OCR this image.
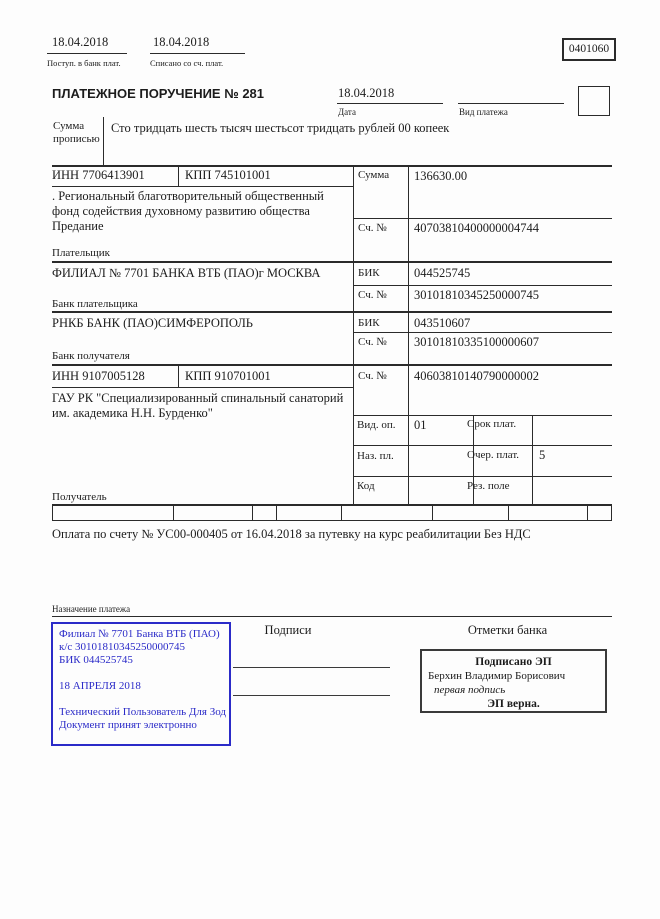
18.04.2018
Поступ. в банк плат.
18.04.2018
Списано со сч. плат.
0401060
ПЛАТЕЖНОЕ ПОРУЧЕНИЕ № 281	18.04.2018
Дата	Вид платежа
Сумма прописью
Сто тридцать шесть тысяч шестьсот тридцать рублей 00 копеек
ИНН 7706413901	КПП 745101001
. Региональный благотворительный общественный фонд содействия духовному развитию общества Предание
Плательщик
Сумма 136630.00
Сч. № 40703810400000004744
ФИЛИАЛ № 7701 БАНКА ВТБ (ПАО)г МОСКВА
Банк плательщика
БИК	044525745
Сч. № 30101810345250000745
РНКБ БАНК (ПАО)СИМФЕРОПОЛЬ
Банк получателя
БИК	043510607
Сч. № 30101810335100000607
ИНН 9107005128	КПП 910701001
ГАУ РК "Специализированный спинальный санаторий им. академика Н.Н. Бурденко"
Получатель
Сч. № 40603810140790000002
Вид. оп. 01	Срок плат.
Наз. пл.	Очер. плат. 5
Код	Рез. поле
Оплата по счету № УС00-000405 от 16.04.2018 за путевку на курс реабилитации Без НДС
Назначение платежа
Филиал № 7701 Банка ВТБ (ПАО)
к/с 30101810345250000745
БИК 044525745
18 АПРЕЛЯ 2018
Технический Пользователь Для Зод
Документ принят электронно
Подписи	Отметки банка
Подписано ЭП
Берхин Владимир Борисович
первая подпись
ЭП верна.
